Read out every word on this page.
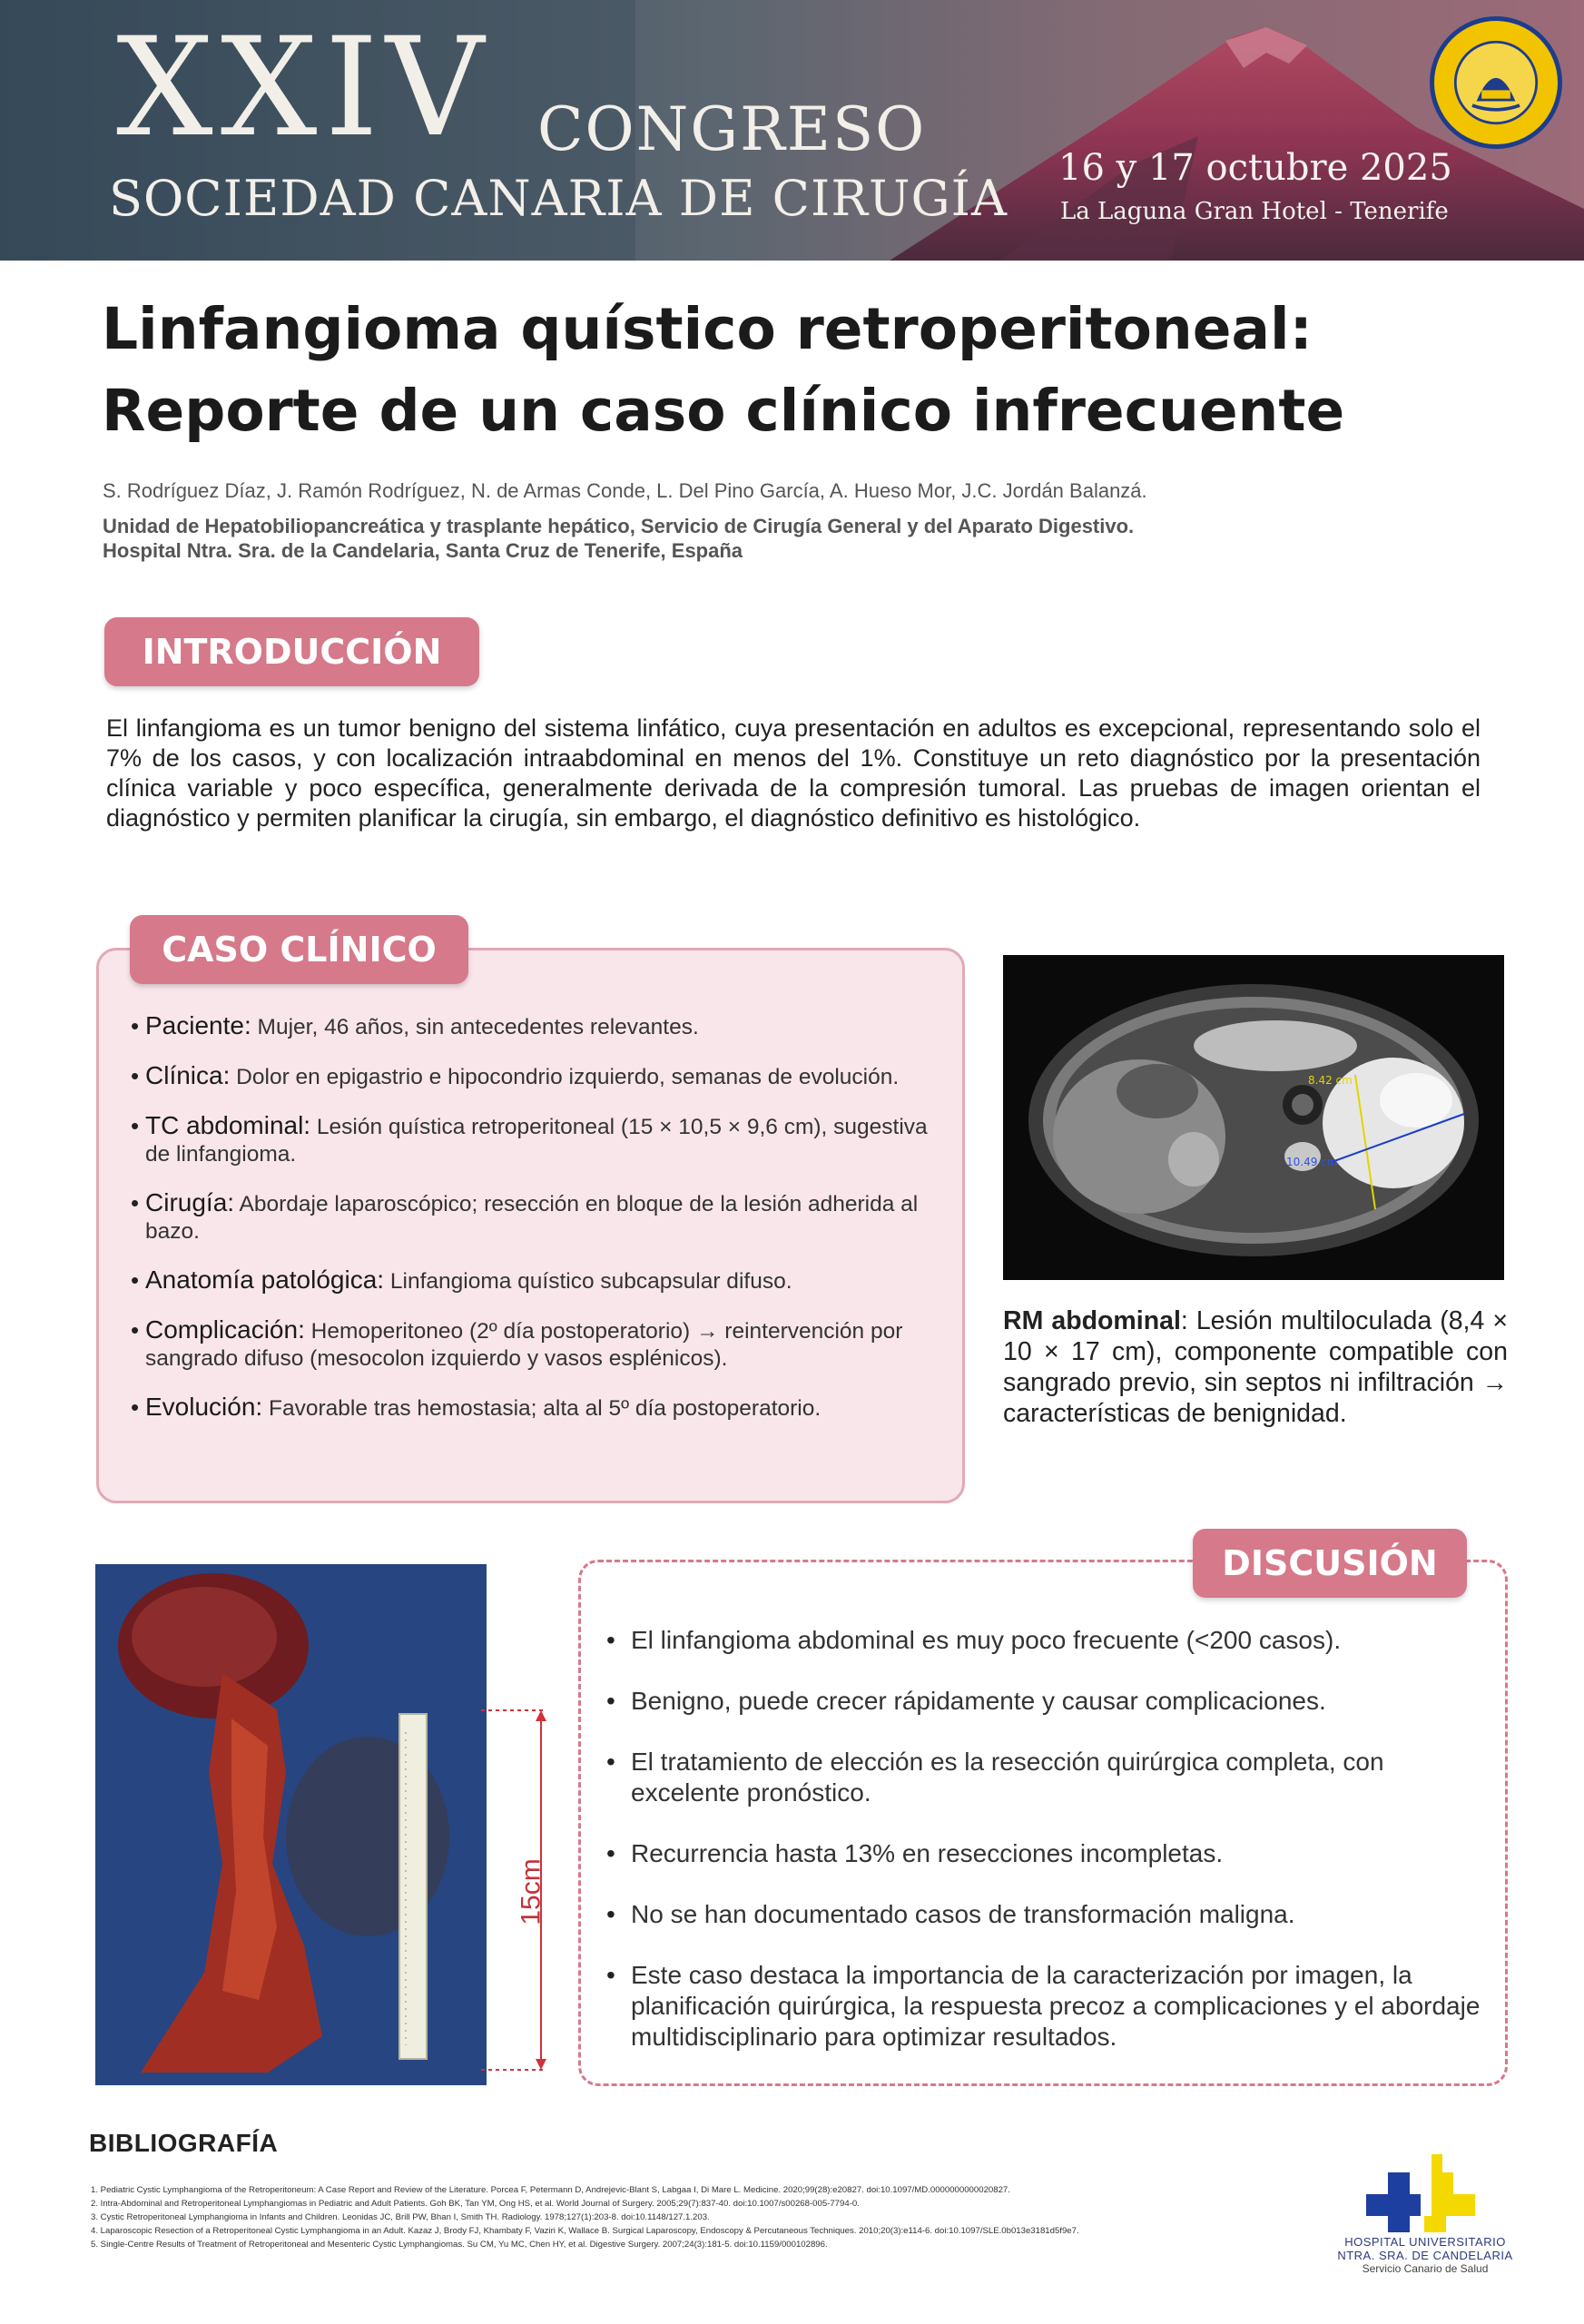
XXIV CONGRESO
SOCIEDAD CANARIA DE CIRUGÍA
16 y 17 octubre 2025
La Laguna Gran Hotel - Tenerife
Linfangioma quístico retroperitoneal:
Reporte de un caso clínico infrecuente
S. Rodríguez Díaz, J. Ramón Rodríguez, N. de Armas Conde, L. Del Pino García, A. Hueso Mor, J.C. Jordán Balanzá.
Unidad de Hepatobiliopancreática y trasplante hepático, Servicio de Cirugía General y del Aparato Digestivo.
Hospital Ntra. Sra. de la Candelaria, Santa Cruz de Tenerife, España
INTRODUCCIÓN

El linfangioma es un tumor benigno del sistema linfático, cuya presentación en adultos es excepcional, representando solo el 7% de los casos, y con localización intraabdominal en menos del 1%. Constituye un reto diagnóstico por la presentación clínica variable y poco específica, generalmente derivada de la compresión tumoral. Las pruebas de imagen orientan el diagnóstico y permiten planificar la cirugía, sin embargo, el diagnóstico definitivo es histológico.

CASO CLÍNICO
• Paciente: Mujer, 46 años, sin antecedentes relevantes.
• Clínica: Dolor en epigastrio e hipocondrio izquierdo, semanas de evolución.
• TC abdominal: Lesión quística retroperitoneal (15 × 10,5 × 9,6 cm), sugestiva de linfangioma.
• Cirugía: Abordaje laparoscópico; resección en bloque de la lesión adherida al bazo.
• Anatomía patológica: Linfangioma quístico subcapsular difuso.
• Complicación: Hemoperitoneo (2º día postoperatorio) → reintervención por sangrado difuso (mesocolon izquierdo y vasos esplénicos).
• Evolución: Favorable tras hemostasia; alta al 5º día postoperatorio.
8.42 cm
10.49 cm
RM abdominal: Lesión multiloculada (8,4 × 10 × 17 cm), componente compatible con sangrado previo, sin septos ni infiltración → características de benignidad.
15cm
DISCUSIÓN
• El linfangioma abdominal es muy poco frecuente (<200 casos).
• Benigno, puede crecer rápidamente y causar complicaciones.
• El tratamiento de elección es la resección quirúrgica completa, con excelente pronóstico.
• Recurrencia hasta 13% en resecciones incompletas.
• No se han documentado casos de transformación maligna.
• Este caso destaca la importancia de la caracterización por imagen, la planificación quirúrgica, la respuesta precoz a complicaciones y el abordaje multidisciplinario para optimizar resultados.
BIBLIOGRAFÍA
1. Pediatric Cystic Lymphangioma of the Retroperitoneum: A Case Report and Review of the Literature. Porcea F, Petermann D, Andrejevic-Blant S, Labgaa I, Di Mare L. Medicine. 2020;99(28):e20827. doi:10.1097/MD.0000000000020827.
2. Intra-Abdominal and Retroperitoneal Lymphangiomas in Pediatric and Adult Patients. Goh BK, Tan YM, Ong HS, et al. World Journal of Surgery. 2005;29(7):837-40. doi:10.1007/s00268-005-7794-0.
3. Cystic Retroperitoneal Lymphangioma in Infants and Children. Leonidas JC, Brill PW, Bhan I, Smith TH. Radiology. 1978;127(1):203-8. doi:10.1148/127.1.203.
4. Laparoscopic Resection of a Retroperitoneal Cystic Lymphangioma in an Adult. Kazaz J, Brody FJ, Khambaty F, Vaziri K, Wallace B. Surgical Laparoscopy, Endoscopy & Percutaneous Techniques. 2010;20(3):e114-6. doi:10.1097/SLE.0b013e3181d5f9e7.
5. Single-Centre Results of Treatment of Retroperitoneal and Mesenteric Cystic Lymphangiomas. Su CM, Yu MC, Chen HY, et al. Digestive Surgery. 2007;24(3):181-5. doi:10.1159/000102896.	HOSPITAL UNIVERSITARIO
NTRA. SRA. DE CANDELARIA
Servicio Canario de Salud
